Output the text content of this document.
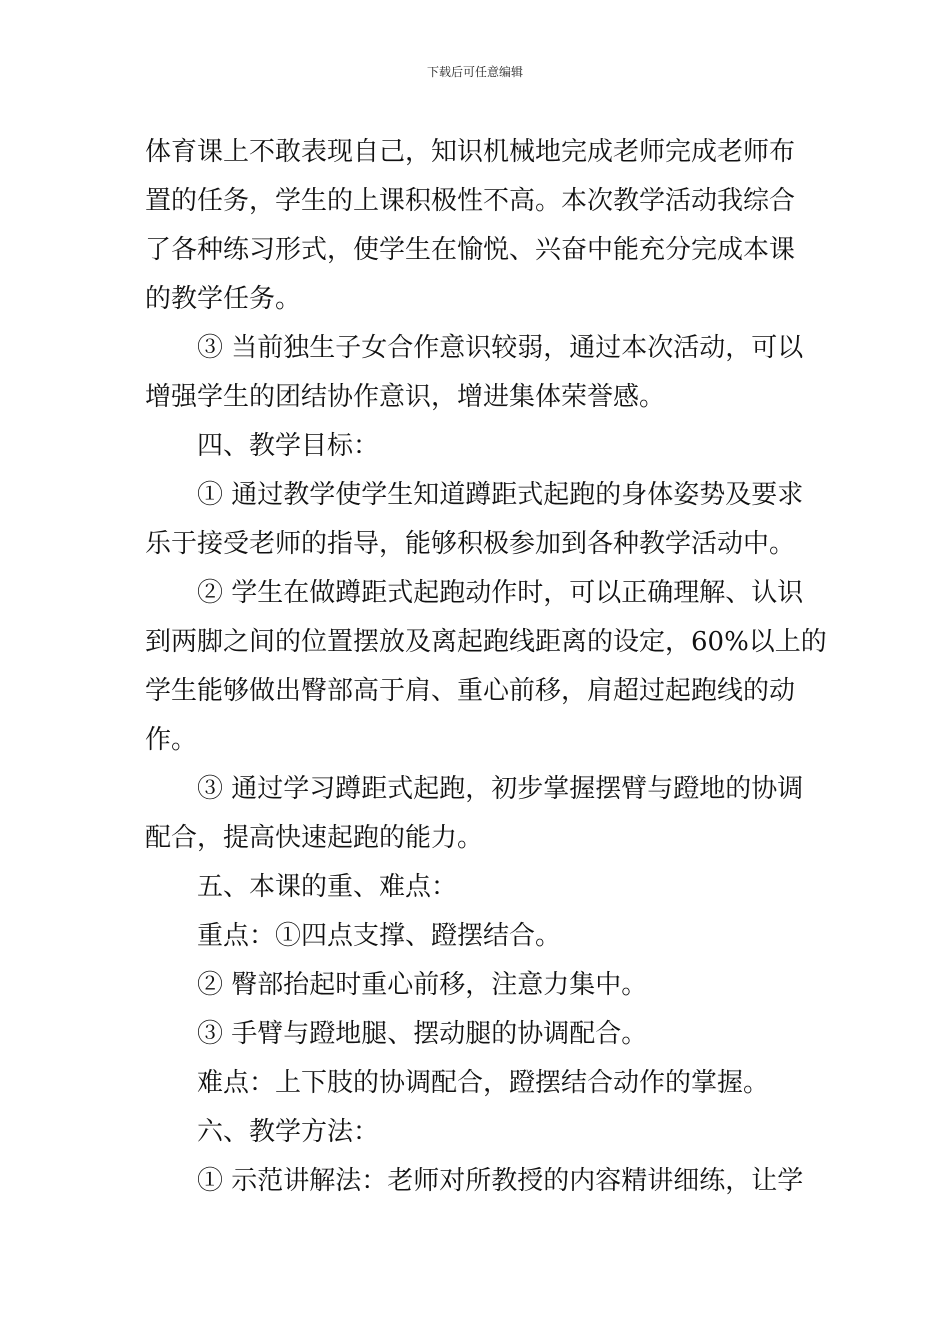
下载后可任意编辑
体育课上不敢表现自己，知识机械地完成老师完成老师布
置的任务，学生的上课积极性不高。本次教学活动我综合
了各种练习形式，使学生在愉悦、兴奋中能充分完成本课
的教学任务。
③ 当前独生子女合作意识较弱，通过本次活动，可以
增强学生的团结协作意识，增进集体荣誉感。
四、教学目标：
① 通过教学使学生知道蹲距式起跑的身体姿势及要求
乐于接受老师的指导，能够积极参加到各种教学活动中。
② 学生在做蹲距式起跑动作时，可以正确理解、认识
到两脚之间的位置摆放及离起跑线距离的设定，60%以上的
学生能够做出臀部高于肩、重心前移，肩超过起跑线的动
作。
③ 通过学习蹲距式起跑，初步掌握摆臂与蹬地的协调
配合，提高快速起跑的能力。
五、本课的重、难点：
重点：①四点支撑、蹬摆结合。
② 臀部抬起时重心前移，注意力集中。
③ 手臂与蹬地腿、摆动腿的协调配合。
难点：上下肢的协调配合，蹬摆结合动作的掌握。
六、教学方法：
① 示范讲解法：老师对所教授的内容精讲细练，让学
